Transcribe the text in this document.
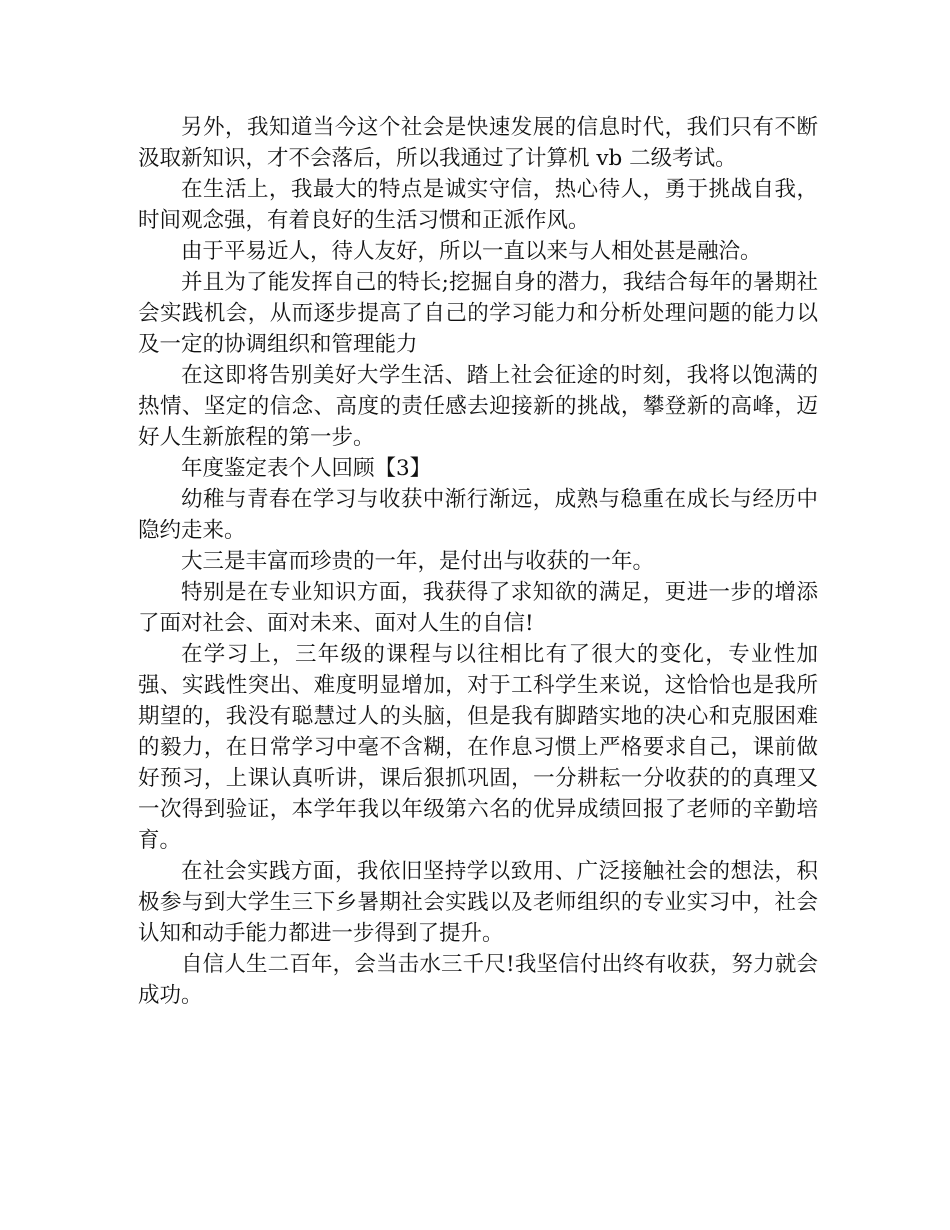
另外，我知道当今这个社会是快速发展的信息时代，我们只有不断汲取新知识，才不会落后，所以我通过了计算机 vb 二级考试。

在生活上，我最大的特点是诚实守信，热心待人，勇于挑战自我，时间观念强，有着良好的生活习惯和正派作风。

由于平易近人，待人友好，所以一直以来与人相处甚是融洽。

并且为了能发挥自己的特长;挖掘自身的潜力，我结合每年的暑期社会实践机会，从而逐步提高了自己的学习能力和分析处理问题的能力以及一定的协调组织和管理能力

在这即将告别美好大学生活、踏上社会征途的时刻，我将以饱满的热情、坚定的信念、高度的责任感去迎接新的挑战，攀登新的高峰，迈好人生新旅程的第一步。

年度鉴定表个人回顾【3】

幼稚与青春在学习与收获中渐行渐远，成熟与稳重在成长与经历中隐约走来。

大三是丰富而珍贵的一年，是付出与收获的一年。

特别是在专业知识方面，我获得了求知欲的满足，更进一步的增添了面对社会、面对未来、面对人生的自信!

在学习上，三年级的课程与以往相比有了很大的变化，专业性加强、实践性突出、难度明显增加，对于工科学生来说，这恰恰也是我所期望的，我没有聪慧过人的头脑，但是我有脚踏实地的决心和克服困难的毅力，在日常学习中毫不含糊，在作息习惯上严格要求自己，课前做好预习，上课认真听讲，课后狠抓巩固，一分耕耘一分收获的的真理又一次得到验证，本学年我以年级第六名的优异成绩回报了老师的辛勤培育。

在社会实践方面，我依旧坚持学以致用、广泛接触社会的想法，积极参与到大学生三下乡暑期社会实践以及老师组织的专业实习中，社会认知和动手能力都进一步得到了提升。

自信人生二百年，会当击水三千尺!我坚信付出终有收获，努力就会成功。
